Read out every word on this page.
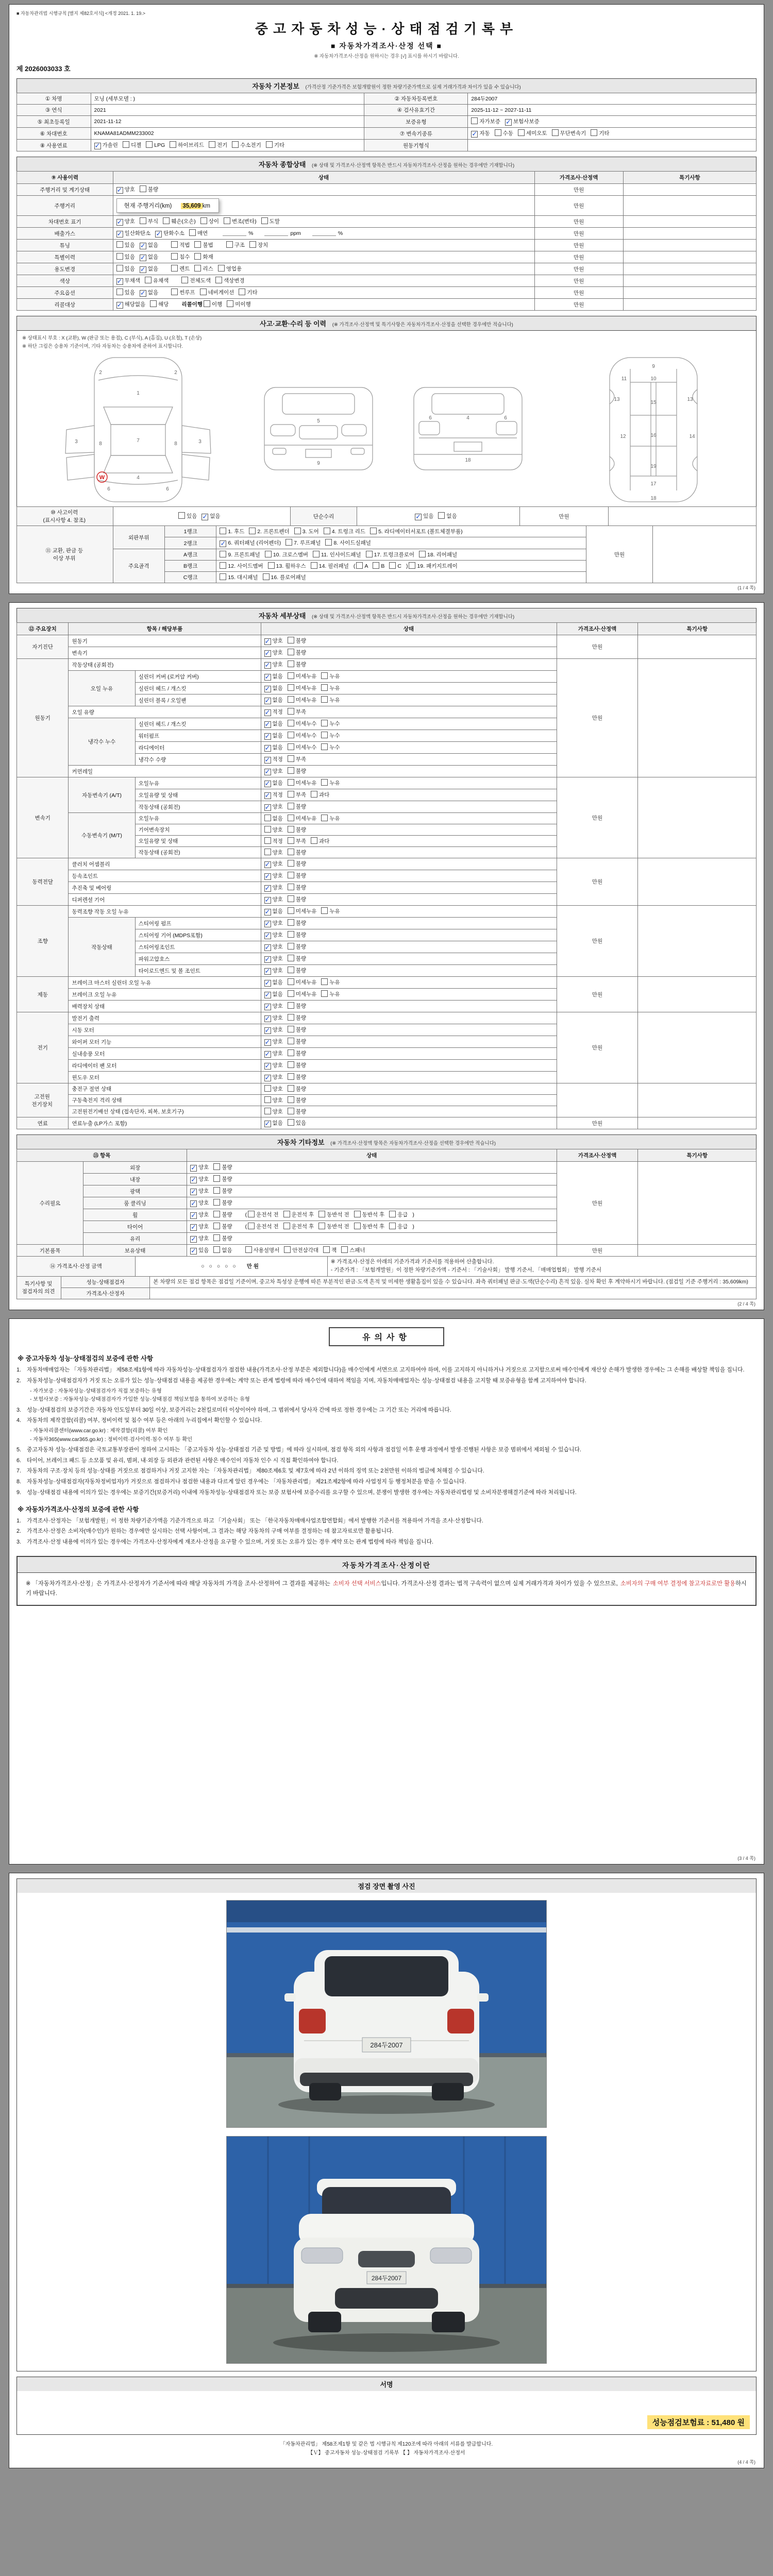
■ 자동차관리법 시행규칙 [별지 제82호서식] <개정 2021. 1. 19.>
중고자동차성능·상태점검기록부
■ 자동차가격조사·산정 선택 ■
※ 자동차가격조사·산정을 원하시는 경우 [√] 표시를 하시기 바랍니다.
제 2026003033 호
자동차 기본정보 (가격산정 기준가격은 보험개발원이 정한 차량기준가액으로 실제 거래가격과 차이가 있을 수 있습니다)
① 차명	모닝 (세부모델 : )	② 자동차등록번호	284두2007
③ 연식	2021	④ 검사유효기간	2025-11-12 ~ 2027-11-11
⑤ 최초등록일	2021-11-12	보증유형	자가보증 ✓ 보험사보증
⑥ 차대번호	KNAMA81ADMM233002	⑦ 변속기종류	✓ 자동 수동 세미오토 무단변속기 기타
⑧ 사용연료	✓ 가솔린 디젤 LPG 하이브리드 전기 수소전기 기타	원동기형식	
자동차 종합상태 (※ 상태 및 가격조사·산정액 항목은 반드시 자동차가격조사·산정을 원하는 경우에만 기재합니다)
⑨ 사용이력	상태	가격조사·산정액	특기사항
주행거리 및 계기상태	✓ 양호 불량	만원	
주행거리	현재 주행거리(km) 35,609 km	만원	
차대번호 표기	✓ 양호 부식 훼손(오손) 상이 변조(변타) 도말	만원	
배출가스	✓ 일산화탄소 ✓ 탄화수소 매연 % ppm %	만원	
튜닝	있음 ✓ 없음 적법 불법 구조 장치	만원	
특별이력	있음 ✓ 없음 침수 화재	만원	
용도변경	있음 ✓ 없음 렌트 리스 영업용	만원	
색상	✓ 무채색 유채색 전체도색 색상변경	만원	
주요옵션	있음 ✓ 없음 썬루프 네비게이션 기타	만원	
리콜대상	✓ 해당없음 해당 리콜이행 이행 미이행	만원	
사고·교환·수리 등 이력 (※ 가격조사·산정액 및 특기사항은 자동차가격조사·산정을 선택한 경우에만 적습니다)
※ 상태표시 부호 : X (교환), W (판금 또는 용접), C (부식), A (흠집), U (요철), T (손상)
※ 하단 그림은 승용차 기준이며, 기타 자동차는 승용차에 준하여 표시합니다.
1
2	2
3	3
8	8
7
4
6	6
5
9
4
18
6	6
9
10
11
13	13
15
12	14
16
19
17
18
W
⑩ 사고이력
(표시사항 4. 참조)	있음 ✓ 없음	단순수리	✓ 있음 없음	만원	
⑪ 교환, 판금 등
이상 부위	외판부위	1랭크	1. 후드 2. 프론트펜더 3. 도어 4. 트렁크 리드 5. 라디에이터서포트 (볼트체결부품)	만원	
		2랭크	✓ 6. 쿼터패널 (리어펜더) 7. 루프패널 8. 사이드실패널		
	주요골격	A랭크	9. 프론트패널 10. 크로스멤버 11. 인사이드패널 17. 트렁크플로어 18. 리어패널		
		B랭크	12. 사이드멤버 13. 휠하우스 14. 필러패널 ( A B C ) 19. 패키지트레이		
		C랭크	15. 대시패널 16. 플로어패널		
(1 / 4 쪽)
자동차 세부상태 (※ 상태 및 가격조사·산정액 항목은 반드시 자동차가격조사·산정을 원하는 경우에만 기재합니다)
⑫ 주요장치	항목 / 해당부품		상태	가격조사·산정액	특기사항
자기진단	원동기		✓ 양호 불량	만원	
	변속기		✓ 양호 불량		
원동기	작동상태 (공회전)		✓ 양호 불량	만원	
	오일 누유	실린더 커버 (로커암 커버)	✓ 없음 미세누유 누유		
		실린더 헤드 / 개스킷	✓ 없음 미세누유 누유		
		실린더 블록 / 오일팬	✓ 없음 미세누유 누유		
	오일 유량		✓ 적정 부족		
	냉각수 누수	실린더 헤드 / 개스킷	✓ 없음 미세누수 누수		
		워터펌프	✓ 없음 미세누수 누수		
		라디에이터	✓ 없음 미세누수 누수		
		냉각수 수량	✓ 적정 부족		
	커먼레일		✓ 양호 불량		
변속기	자동변속기 (A/T)	오일누유	✓ 없음 미세누유 누유	만원	
		오일유량 및 상태	✓ 적정 부족 과다		
		작동상태 (공회전)	✓ 양호 불량		
	수동변속기 (M/T)	오일누유	없음 미세누유 누유		
		기어변속장치	양호 불량		
		오일유량 및 상태	적정 부족 과다		
		작동상태 (공회전)	양호 불량		
동력전달	클러치 어셈블리		✓ 양호 불량	만원	
	등속조인트		✓ 양호 불량		
	추진축 및 베어링		✓ 양호 불량		
	디퍼렌셜 기어		✓ 양호 불량		
조향	동력조향 작동 오일 누유		✓ 없음 미세누유 누유	만원	
	작동상태	스티어링 펌프	✓ 양호 불량		
		스티어링 기어 (MDPS포함)	✓ 양호 불량		
		스티어링조인트	✓ 양호 불량		
		파워고압호스	✓ 양호 불량		
		타이로드엔드 및 볼 조인트	✓ 양호 불량		
제동	브레이크 마스터 실린더 오일 누유		✓ 없음 미세누유 누유	만원	
	브레이크 오일 누유		✓ 없음 미세누유 누유		
	배력장치 상태		✓ 양호 불량		
전기	발전기 출력		✓ 양호 불량	만원	
	시동 모터		✓ 양호 불량		
	와이퍼 모터 기능		✓ 양호 불량		
	실내송풍 모터		✓ 양호 불량		
	라디에이터 팬 모터		✓ 양호 불량		
	윈도우 모터		✓ 양호 불량		
고전원
전기장치	충전구 절연 상태		양호 불량		
	구동축전지 격리 상태		양호 불량		
	고전원전기배선 상태 (접속단자, 피복, 보호기구)		양호 불량		
연료	연료누출 (LP가스 포함)		✓ 없음 있음	만원	
자동차 기타정보 (※ 가격조사·산정액 항목은 자동차가격조사·산정을 선택한 경우에만 적습니다)
⑬ 항목		상태	가격조사·산정액	특기사항
수리필요	외장	✓ 양호 불량	만원	
	내장	✓ 양호 불량		
	광택	✓ 양호 불량		
	룸 클리닝	✓ 양호 불량		
	휠	✓ 양호 불량 ( 운전석 전 운전석 후 동반석 전 동반석 후 응급 )		
	타이어	✓ 양호 불량 ( 운전석 전 운전석 후 동반석 전 동반석 후 응급 )		
	유리	✓ 양호 불량		
기본품목	보유상태	✓ 있음 없음 사용설명서 안전삼각대 잭 스패너	만원	
⑭ 가격조사·산정 금액	○ ○ ○ ○ ○ 만원	※ 가격조사·산정은 아래의 기준가격과 기준서를 적용하여 산출합니다.
- 기준가격 : 「보험개발원」이 정한 차량기준가액 - 기준서 : 「기술사회」 발행 기준서, 「매매업협회」 발행 기준서
특기사항 및
점검자의 의견	성능·상태점검자	본 차량의 모든 점검 항목은 점검일 기준이며, 중고차 특성상 운행에 따른 부분적인 판금·도색 흔적 및 미세한 생활흠집이 있을 수 있습니다. 좌측 쿼터패널 판금·도색(단순수리) 흔적 있음. 실차 확인 후 계약하시기 바랍니다. (점검일 기준 주행거리 : 35,609km)
	가격조사·산정자	
(2 / 4 쪽)
유의사항
※ 중고자동차 성능·상태점검의 보증에 관한 사항
1.	자동차매매업자는 「자동차관리법」 제58조제1항에 따라 자동차성능·상태점검자가 점검한 내용(가격조사·산정 부분은 제외합니다)을 매수인에게 서면으로 고지하여야 하며, 이를 고지하지 아니하거나 거짓으로 고지함으로써 매수인에게 재산상 손해가 발생한 경우에는 그 손해를 배상할 책임을 집니다.
2.	자동차성능·상태점검자가 거짓 또는 오류가 있는 성능·상태점검 내용을 제공한 경우에는 계약 또는 관계 법령에 따라 매수인에 대하여 책임을 지며, 자동차매매업자는 성능·상태점검 내용을 고지할 때 보증유형을 함께 고지하여야 합니다.
- 자가보증 : 자동차성능·상태점검자가 직접 보증하는 유형
- 보험사보증 : 자동차성능·상태점검자가 가입한 성능·상태점검 책임보험을 통하여 보증하는 유형
3.	성능·상태점검의 보증기간은 자동차 인도일부터 30일 이상, 보증거리는 2천킬로미터 이상이어야 하며, 그 범위에서 당사자 간에 따로 정한 경우에는 그 기간 또는 거리에 따릅니다.
4.	자동차의 제작결함(리콜) 여부, 정비이력 및 침수 여부 등은 아래의 누리집에서 확인할 수 있습니다.
- 자동차리콜센터(www.car.go.kr) : 제작결함(리콜) 여부 확인
- 자동차365(www.car365.go.kr) : 정비이력·검사이력·침수 여부 등 확인
5.	중고자동차 성능·상태점검은 국토교통부장관이 정하여 고시하는 「중고자동차 성능·상태점검 기준 및 방법」에 따라 실시하며, 점검 항목 외의 사항과 점검일 이후 운행 과정에서 발생·진행된 사항은 보증 범위에서 제외될 수 있습니다.
6.	타이어, 브레이크 패드 등 소모품 및 유리, 범퍼, 내·외장 등 외관과 관련된 사항은 매수인이 자동차 인수 시 직접 확인하여야 합니다.
7.	자동차의 구조·장치 등의 성능·상태를 거짓으로 점검하거나 거짓 고지한 자는 「자동차관리법」 제80조제6호 및 제7호에 따라 2년 이하의 징역 또는 2천만원 이하의 벌금에 처해질 수 있습니다.
8.	자동차성능·상태점검자(자동차정비업자)가 거짓으로 점검하거나 점검한 내용과 다르게 알린 경우에는 「자동차관리법」 제21조제2항에 따라 사업정지 등 행정처분을 받을 수 있습니다.
9.	성능·상태점검 내용에 이의가 있는 경우에는 보증기간(보증거리) 이내에 자동차성능·상태점검자 또는 보증 보험사에 보증수리를 요구할 수 있으며, 분쟁이 발생한 경우에는 자동차관리법령 및 소비자분쟁해결기준에 따라 처리됩니다.
※ 자동차가격조사·산정의 보증에 관한 사항
1.	가격조사·산정자는 「보험개발원」이 정한 차량기준가액을 기준가격으로 하고 「기술사회」 또는 「한국자동차매매사업조합연합회」에서 발행한 기준서를 적용하여 가격을 조사·산정합니다.
2.	가격조사·산정은 소비자(매수인)가 원하는 경우에만 실시하는 선택 사항이며, 그 결과는 해당 자동차의 구매 여부를 결정하는 데 참고자료로만 활용됩니다.
3.	가격조사·산정 내용에 이의가 있는 경우에는 가격조사·산정자에게 재조사·산정을 요구할 수 있으며, 거짓 또는 오류가 있는 경우 계약 또는 관계 법령에 따라 책임을 집니다.
자동차가격조사·산정이란
※ 「자동차가격조사·산정」은 가격조사·산정자가 기준서에 따라 해당 자동차의 가격을 조사·산정하여 그 결과를 제공하는 소비자 선택 서비스입니다. 가격조사·산정 결과는 법적 구속력이 없으며 실제 거래가격과 차이가 있을 수 있으므로, 소비자의 구매 여부 결정에 참고자료로만 활용하시기 바랍니다.
(3 / 4 쪽)
점검 장면 촬영 사진
284두2007
284두2007
서명
성능점검보험료 : 51,480 원
「자동차관리법」 제58조제1항 및 같은 법 시행규칙 제120조에 따라 아래의 서류를 발급합니다.
【Ｖ】 중고자동차 성능·상태점검 기록부 【 】 자동차가격조사·산정서
(4 / 4 쪽)
